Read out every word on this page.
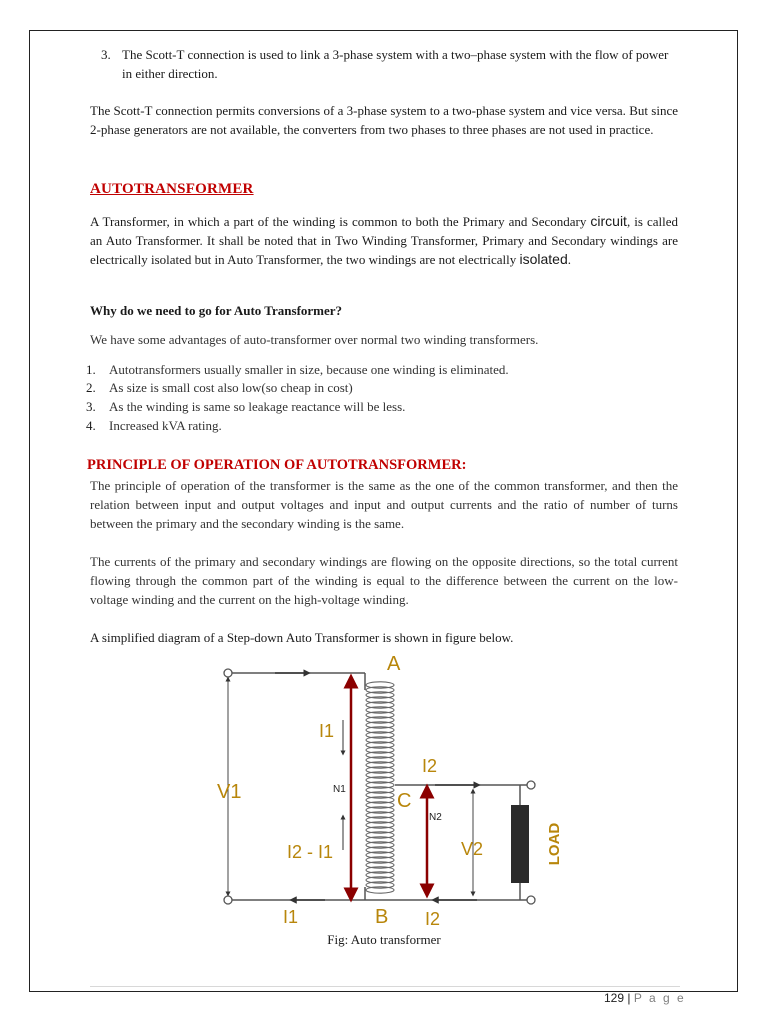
3. The Scott-T connection is used to link a 3-phase system with a two–phase system with the flow of power in either direction.

The Scott-T connection permits conversions of a 3-phase system to a two-phase system and vice versa. But since 2-phase generators are not available, the converters from two phases to three phases are not used in practice.

AUTOTRANSFORMER

A Transformer, in which a part of the winding is common to both the Primary and Secondary circuit, is called an Auto Transformer. It shall be noted that in Two Winding Transformer, Primary and Secondary windings are electrically isolated but in Auto Transformer, the two windings are not electrically isolated.

Why do we need to go for Auto Transformer?

We have some advantages of auto-transformer over normal two winding transformers.

1. Autotransformers usually smaller in size, because one winding is eliminated.
2. As size is small cost also low(so cheap in cost)
3. As the winding is same so leakage reactance will be less.
4. Increased kVA rating.
PRINCIPLE OF OPERATION OF AUTOTRANSFORMER:

The principle of operation of the transformer is the same as the one of the common transformer, and then the relation between input and output voltages and input and output currents and the ratio of number of turns between the primary and the secondary winding is the same.

The currents of the primary and secondary windings are flowing on the opposite directions, so the total current flowing through the common part of the winding is equal to the difference between the current on the low-voltage winding and the current on the high-voltage winding.

A simplified diagram of a Step-down Auto Transformer is shown in figure below.

LOAD
A
B
C
V1
V2
I1
I2
I2 - I1
I1	I2
N1
N2
Fig: Auto transformer
129 | P a g e
